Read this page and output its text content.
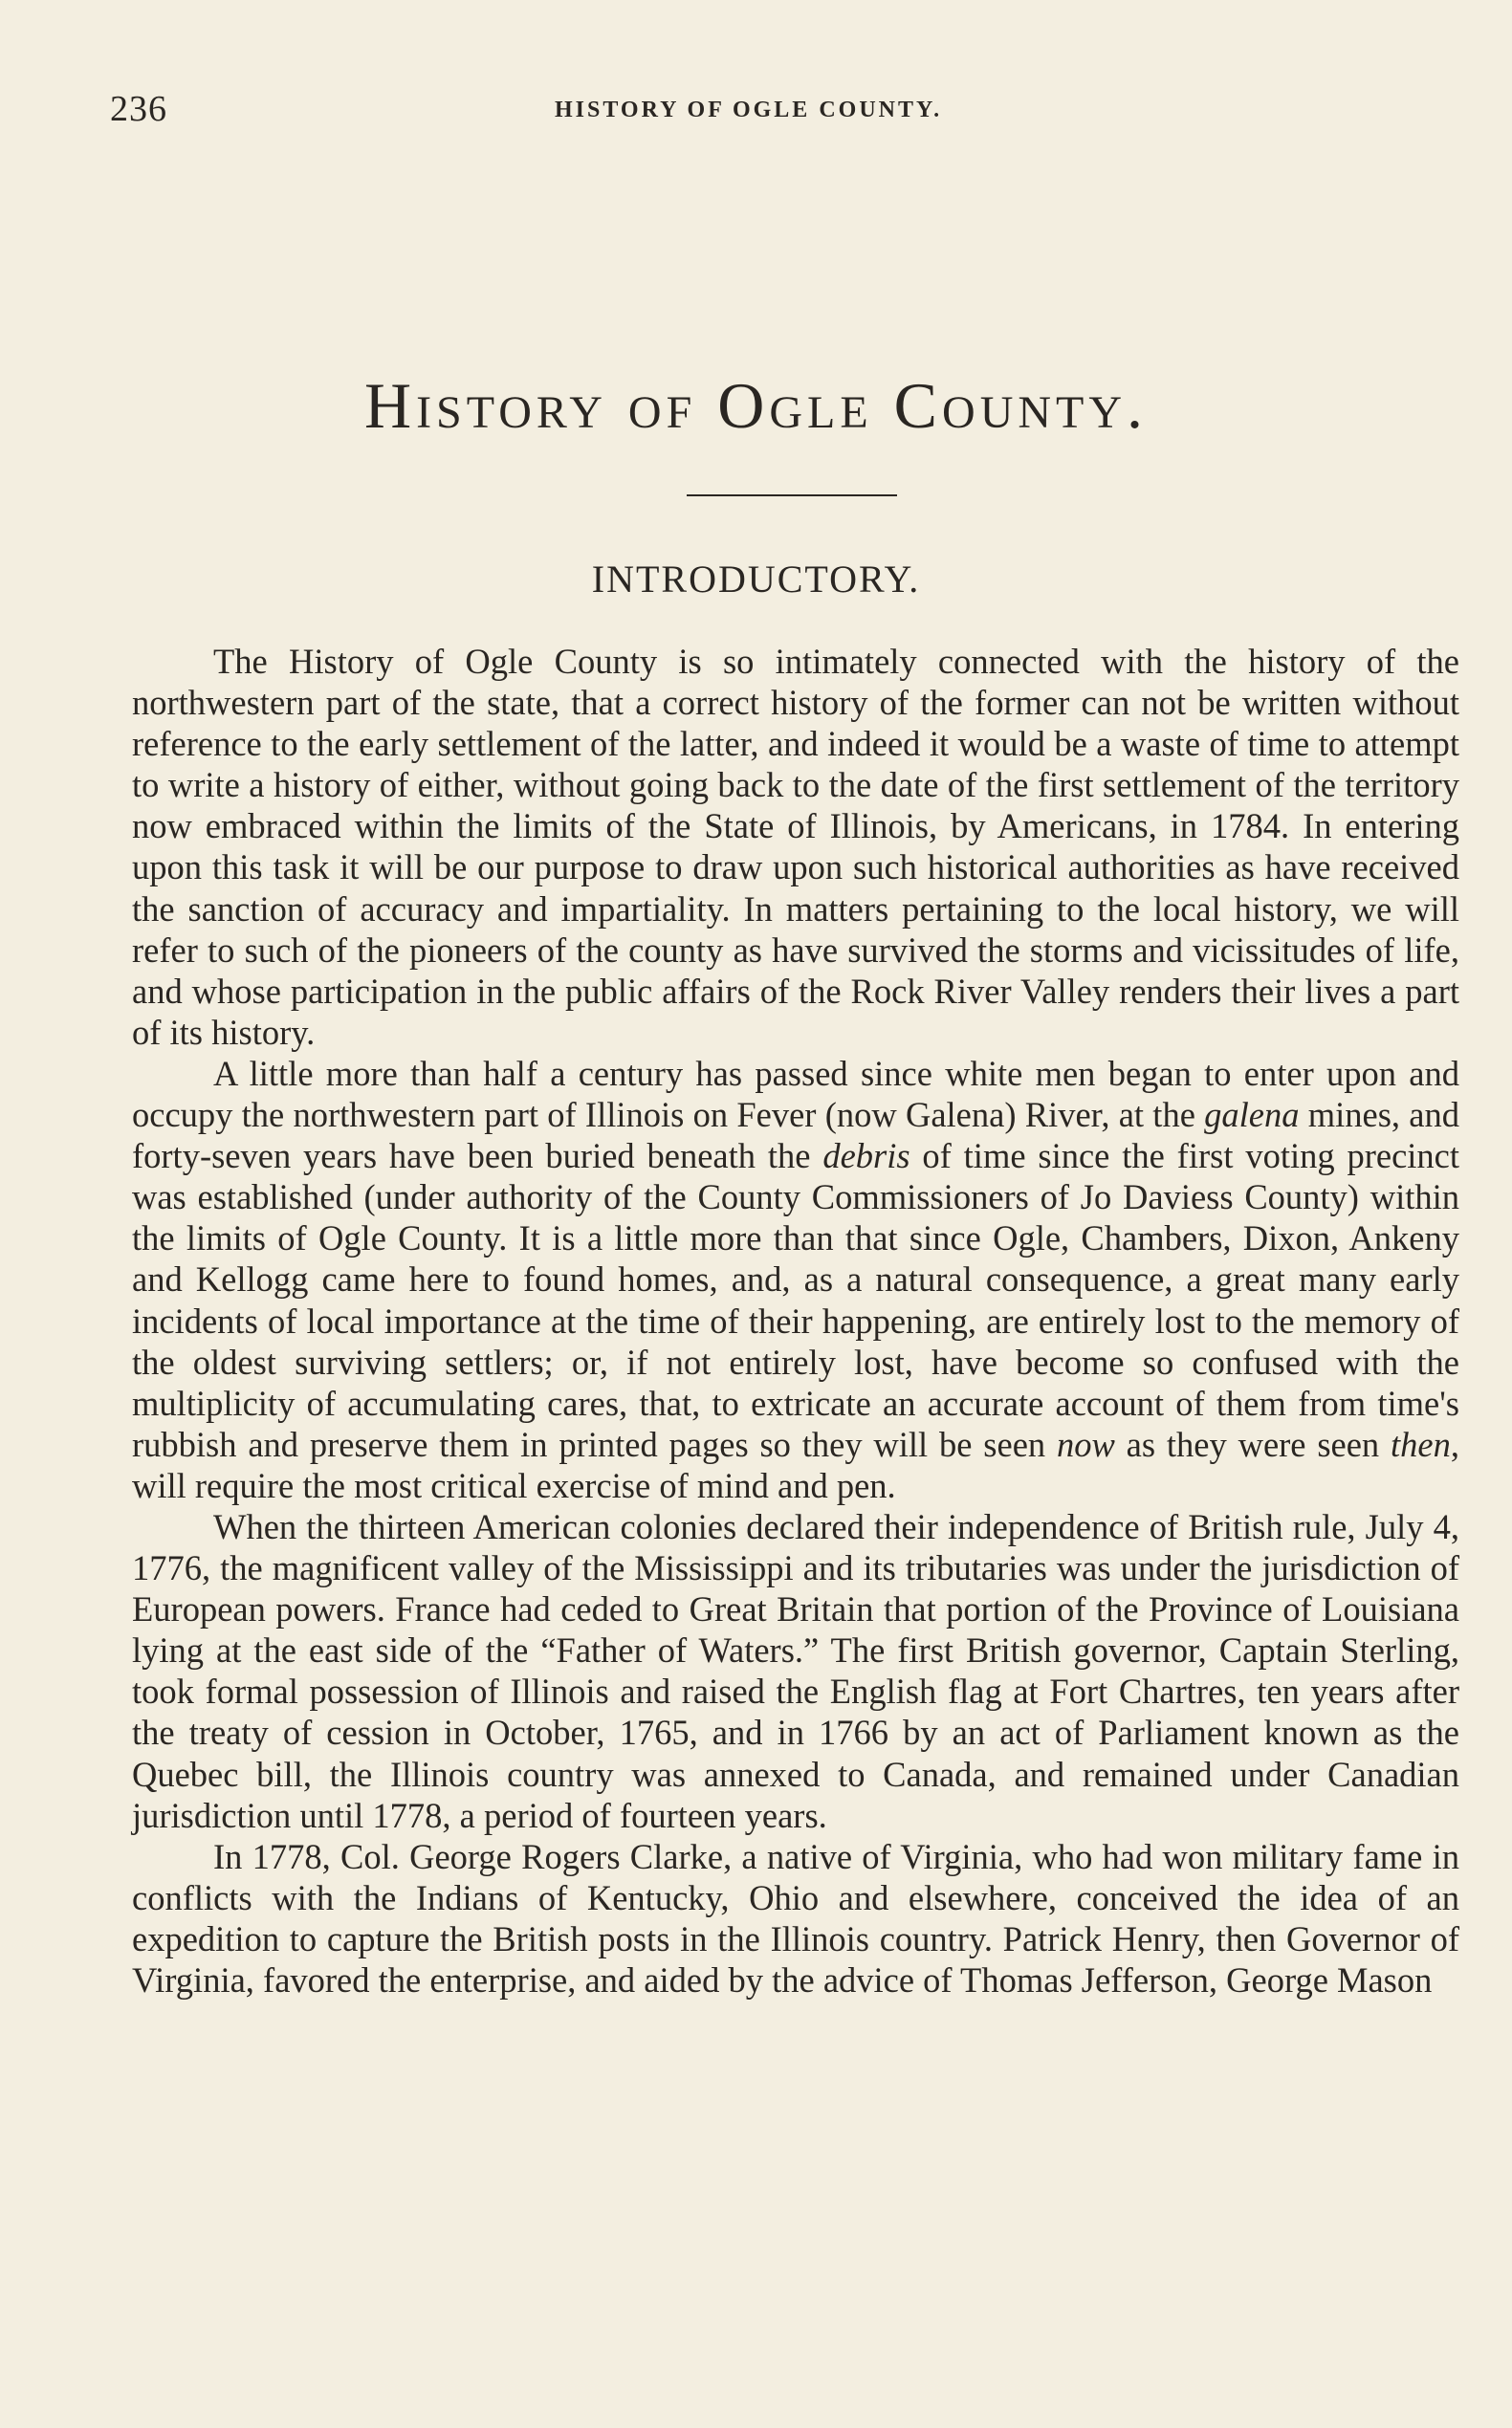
236	HISTORY OF OGLE COUNTY.
History of Ogle County.
INTRODUCTORY.

The History of Ogle County is so intimately connected with the history of the northwestern part of the state, that a correct history of the former can not be written without reference to the early settlement of the latter, and indeed it would be a waste of time to attempt to write a history of either, without going back to the date of the first settlement of the territory now embraced within the limits of the State of Illinois, by Americans, in 1784. In entering upon this task it will be our purpose to draw upon such historical authorities as have received the sanction of accuracy and impartiality. In matters pertaining to the local history, we will refer to such of the pioneers of the county as have survived the storms and vicissitudes of life, and whose participation in the public affairs of the Rock River Valley renders their lives a part of its history.

A little more than half a century has passed since white men began to enter upon and occupy the northwestern part of Illinois on Fever (now Galena) River, at the galena mines, and forty-seven years have been buried beneath the debris of time since the first voting precinct was established (under authority of the County Commissioners of Jo Daviess County) within the limits of Ogle County. It is a little more than that since Ogle, Chambers, Dixon, Ankeny and Kellogg came here to found homes, and, as a natural consequence, a great many early incidents of local importance at the time of their happening, are entirely lost to the memory of the oldest surviving settlers; or, if not entirely lost, have become so confused with the multiplicity of accumulating cares, that, to extricate an accurate account of them from time's rubbish and preserve them in printed pages so they will be seen now as they were seen then, will require the most critical exercise of mind and pen.

When the thirteen American colonies declared their independence of British rule, July 4, 1776, the magnificent valley of the Mississippi and its tributaries was under the jurisdiction of European powers. France had ceded to Great Britain that portion of the Province of Louisiana lying at the east side of the “Father of Waters.” The first British governor, Captain Sterling, took formal possession of Illinois and raised the English flag at Fort Chartres, ten years after the treaty of cession in October, 1765, and in 1766 by an act of Parliament known as the Quebec bill, the Illinois country was annexed to Canada, and remained under Canadian jurisdiction until 1778, a period of fourteen years.

In 1778, Col. George Rogers Clarke, a native of Virginia, who had won military fame in conflicts with the Indians of Kentucky, Ohio and elsewhere, conceived the idea of an expedition to capture the British posts in the Illinois country. Patrick Henry, then Governor of Virginia, favored the enterprise, and aided by the advice of Thomas Jefferson, George Mason
